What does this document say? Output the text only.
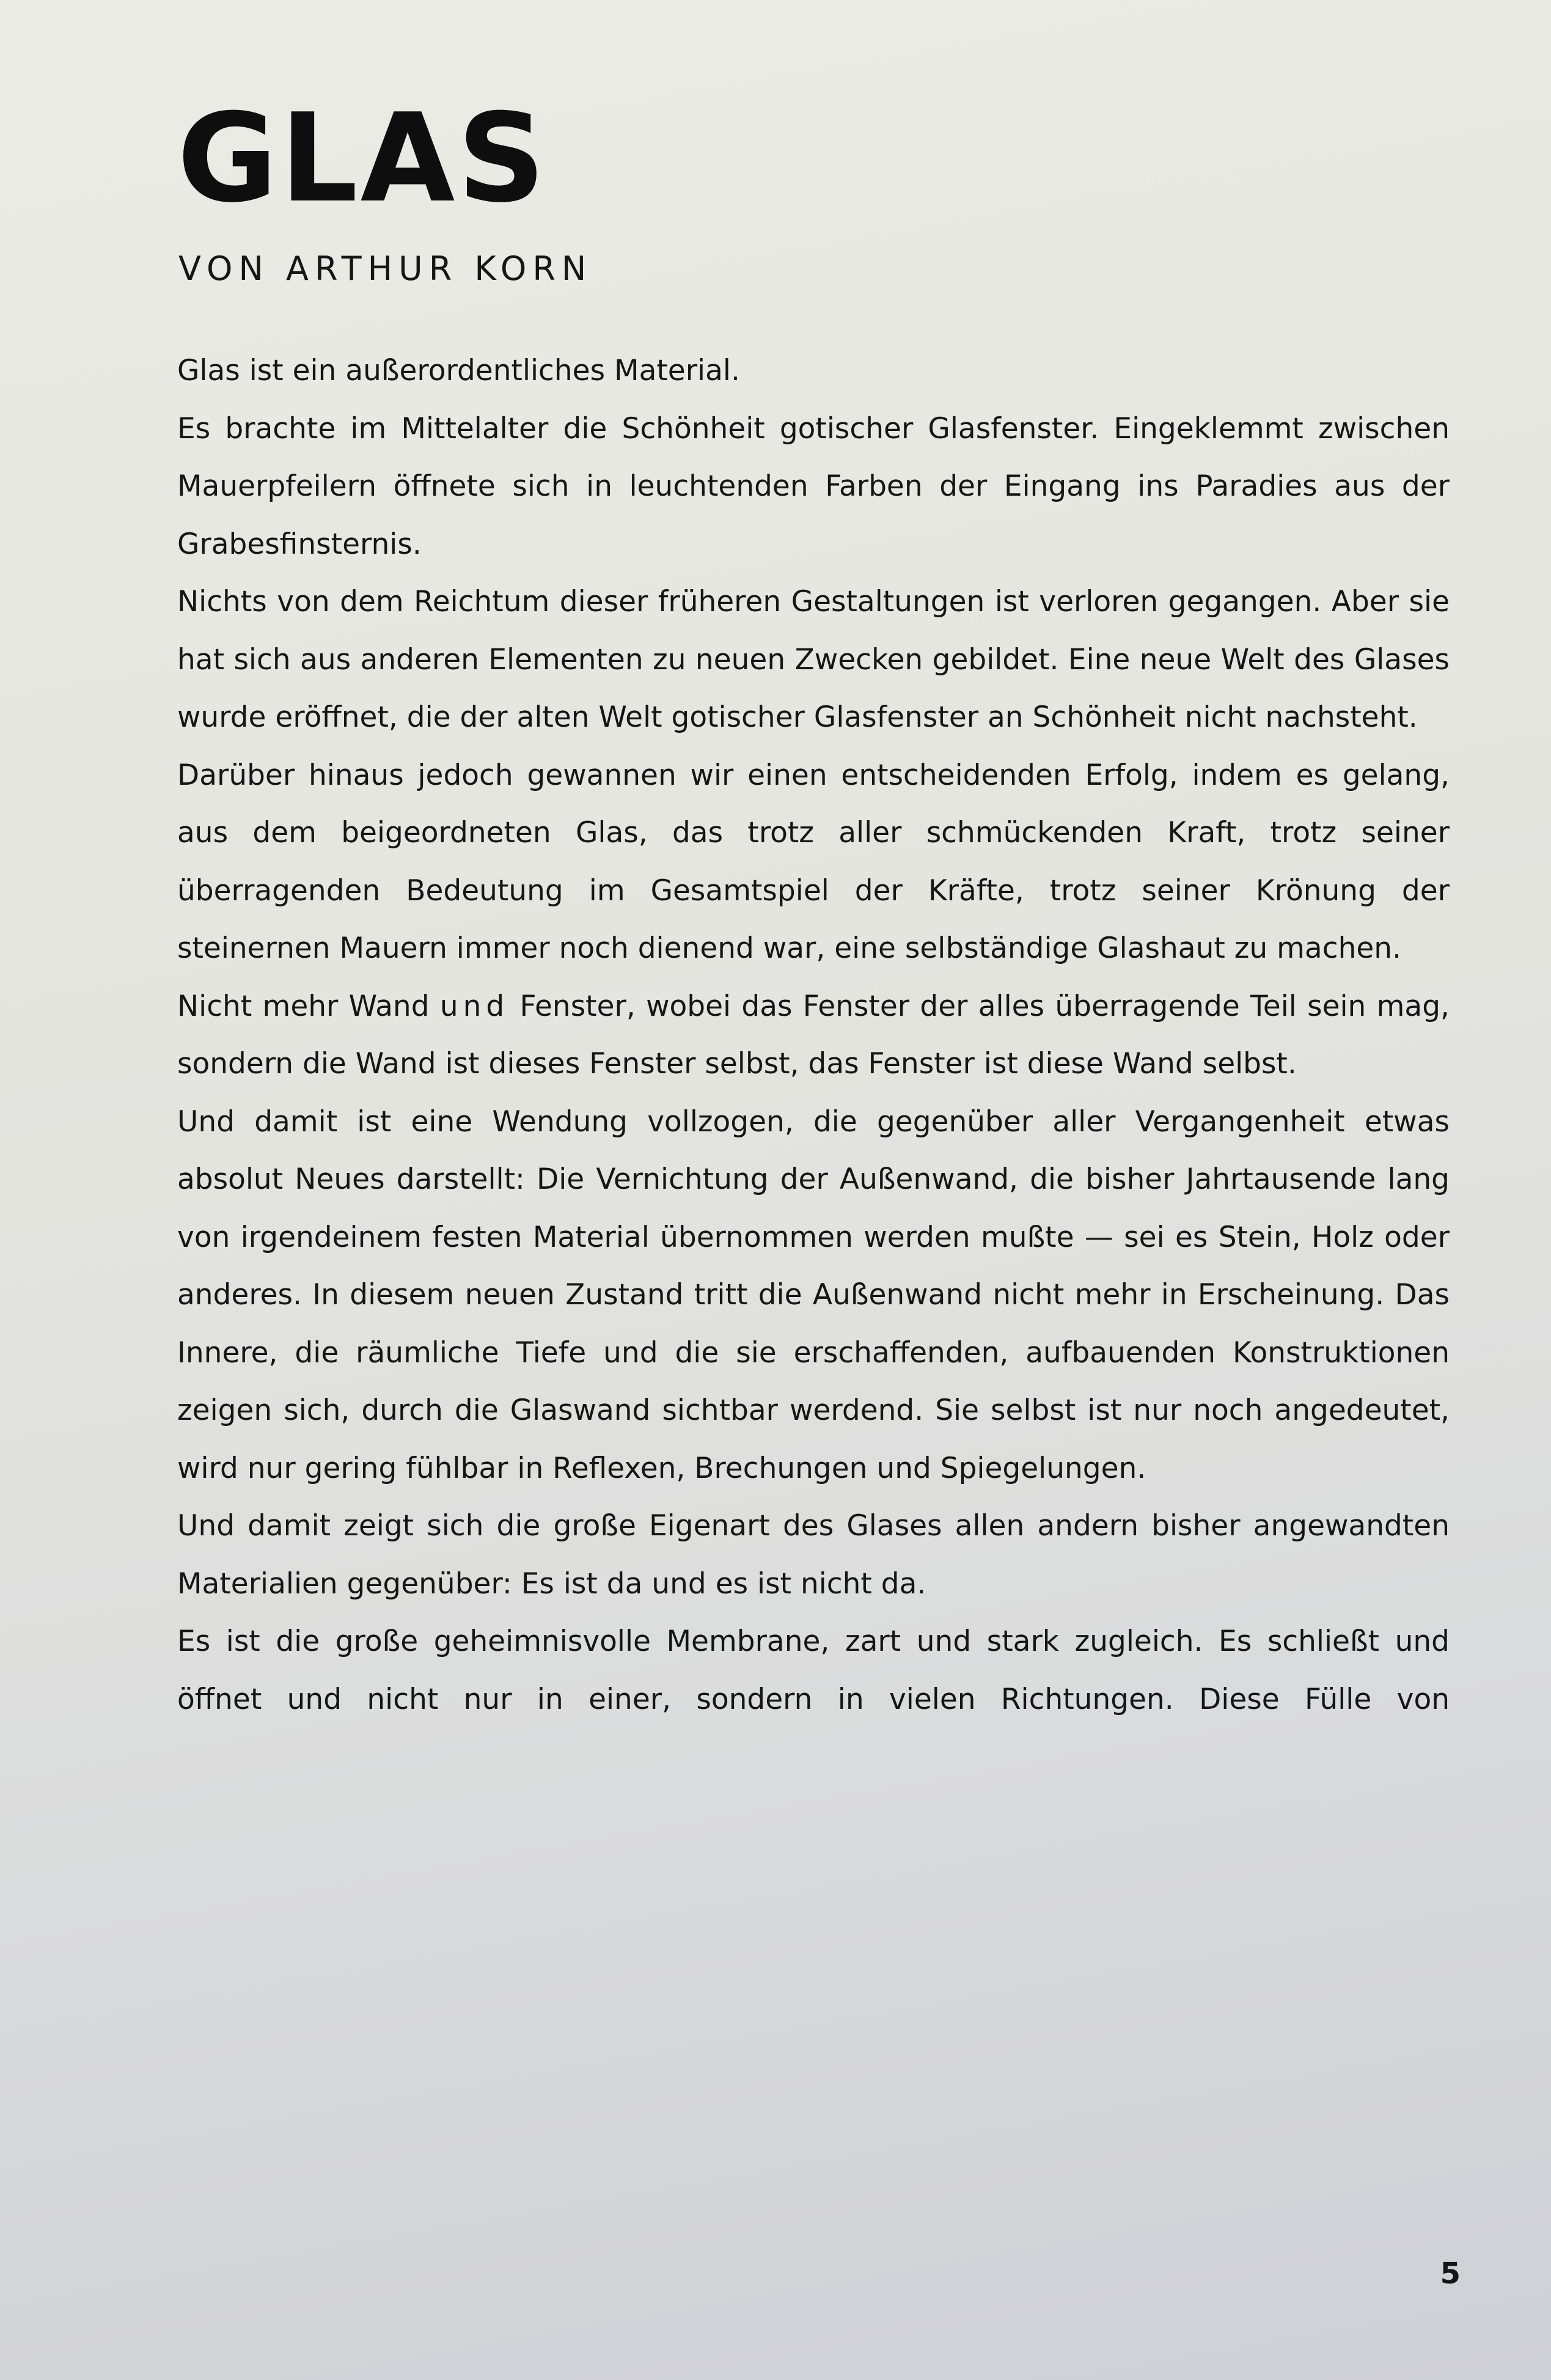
GLAS
VON ARTHUR KORN

Glas ist ein außerordentliches Material.

Es brachte im Mittelalter die Schönheit gotischer Glasfenster. Eingeklemmt zwischen Mauerpfeilern öffnete sich in leuchtenden Farben der Eingang ins Paradies aus der Grabesfinsternis.

Nichts von dem Reichtum dieser früheren Gestaltungen ist verloren gegangen. Aber sie hat sich aus anderen Elementen zu neuen Zwecken gebildet. Eine neue Welt des Glases wurde eröffnet, die der alten Welt gotischer Glasfenster an Schönheit nicht nachsteht.

Darüber hinaus jedoch gewannen wir einen entscheidenden Erfolg, indem es gelang, aus dem beigeordneten Glas, das trotz aller schmückenden Kraft, trotz seiner überragenden Bedeutung im Gesamtspiel der Kräfte, trotz seiner Krönung der steinernen Mauern immer noch dienend war, eine selbständige Glashaut zu machen.

Nicht mehr Wand und Fenster, wobei das Fenster der alles überragende Teil sein mag, sondern die Wand ist dieses Fenster selbst, das Fenster ist diese Wand selbst.

Und damit ist eine Wendung vollzogen, die gegenüber aller Vergangenheit etwas absolut Neues darstellt: Die Vernichtung der Außenwand, die bisher Jahrtausende lang von irgendeinem festen Material übernommen werden mußte — sei es Stein, Holz oder anderes. In diesem neuen Zustand tritt die Außenwand nicht mehr in Erscheinung. Das Innere, die räumliche Tiefe und die sie erschaffenden, aufbauenden Konstruktionen zeigen sich, durch die Glaswand sichtbar werdend. Sie selbst ist nur noch angedeutet, wird nur gering fühlbar in Reflexen, Brechungen und Spiegelungen.

Und damit zeigt sich die große Eigenart des Glases allen andern bisher angewandten Materialien gegenüber: Es ist da und es ist nicht da.

Es ist die große geheimnisvolle Membrane, zart und stark zugleich. Es schließt und öffnet und nicht nur in einer, sondern in vielen Richtungen. Diese Fülle von

5
